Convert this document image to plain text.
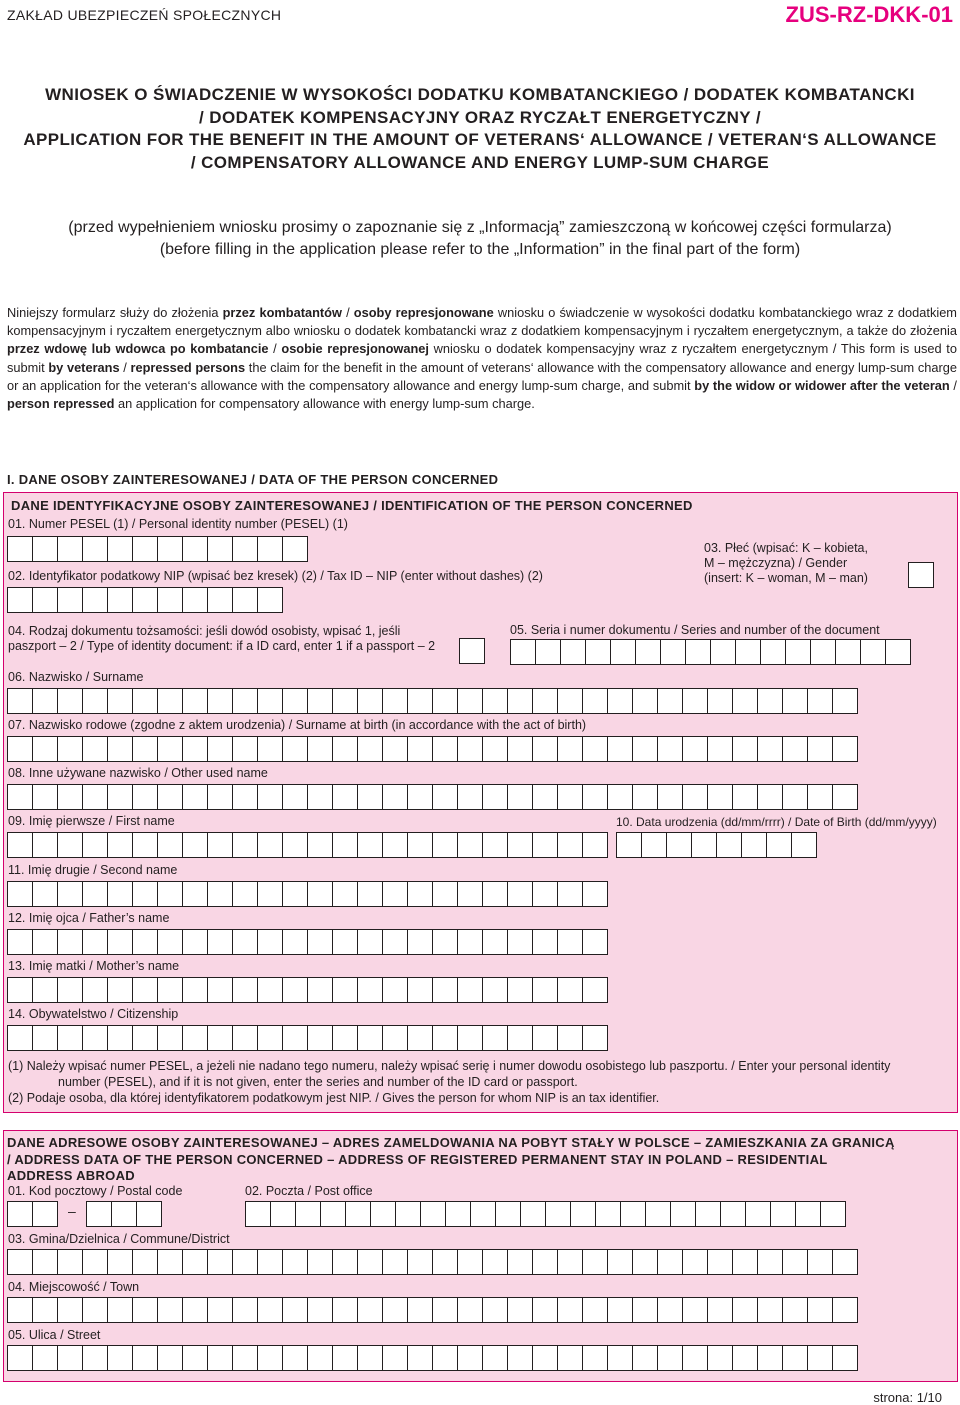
ZAKŁAD UBEZPIECZEŃ SPOŁECZNYCH	ZUS-RZ-DKK-01
WNIOSEK O ŚWIADCZENIE W WYSOKOŚCI DODATKU KOMBATANCKIEGO / DODATEK KOMBATANCKI
/ DODATEK KOMPENSACYJNY ORAZ RYCZAŁT ENERGETYCZNY /
APPLICATION FOR THE BENEFIT IN THE AMOUNT OF VETERANS‘ ALLOWANCE / VETERAN‘S ALLOWANCE
/ COMPENSATORY ALLOWANCE AND ENERGY LUMP-SUM CHARGE
(przed wypełnieniem wniosku prosimy o zapoznanie się z „Informacją” zamieszczoną w końcowej części formularza)
(before filling in the application please refer to the „Information” in the final part of the form)
Niniejszy formularz służy do złożenia przez kombatantów / osoby represjonowane wniosku o świadczenie w wysokości dodatku kombatanckiego wraz z dodatkiem kompensacyjnym i ryczałtem energetycznym albo wniosku o dodatek kombatancki wraz z dodatkiem kompensacyjnym i ryczałtem energetycznym, a także do złożenia przez wdowę lub wdowca po kombatancie / osobie represjonowanej wniosku o dodatek kompensacyjny wraz z ryczałtem energetycznym / This form is used to submit by veterans / repressed persons the claim for the benefit in the amount of veterans‘ allowance with the compensatory allowance and energy lump-sum charge or an application for the veteran‘s allowance with the compensatory allowance and energy lump-sum charge, and submit by the widow or widower after the veteran / person repressed an application for compensatory allowance with energy lump-sum charge.
I. DANE OSOBY ZAINTERESOWANEJ / DATA OF THE PERSON CONCERNED
DANE IDENTYFIKACYJNE OSOBY ZAINTERESOWANEJ / IDENTIFICATION OF THE PERSON CONCERNED
01. Numer PESEL (1) / Personal identity number (PESEL) (1)
02. Identyfikator podatkowy NIP (wpisać bez kresek) (2) / Tax ID – NIP (enter without dashes) (2)
03. Płeć (wpisać: K – kobieta,
M – mężczyzna) / Gender
(insert: K – woman, M – man)
04. Rodzaj dokumentu tożsamości: jeśli dowód osobisty, wpisać 1, jeśli
paszport – 2 / Type of identity document: if a ID card, enter 1 if a passport – 2
05. Seria i numer dokumentu / Series and number of the document
06. Nazwisko / Surname
07. Nazwisko rodowe (zgodne z aktem urodzenia) / Surname at birth (in accordance with the act of birth)
08. Inne używane nazwisko / Other used name
09. Imię pierwsze / First name	10. Data urodzenia (dd/mm/rrrr) / Date of Birth (dd/mm/yyyy)
11. Imię drugie / Second name
12. Imię ojca / Father’s name
13. Imię matki / Mother’s name
14. Obywatelstwo / Citizenship
(1) Należy wpisać numer PESEL, a jeżeli nie nadano tego numeru, należy wpisać serię i numer dowodu osobistego lub paszportu. / Enter your personal identity
number (PESEL), and if it is not given, enter the series and number of the ID card or passport.
(2) Podaje osoba, dla której identyfikatorem podatkowym jest NIP. / Gives the person for whom NIP is an tax identifier.
DANE ADRESOWE OSOBY ZAINTERESOWANEJ – ADRES ZAMELDOWANIA NA POBYT STAŁY W POLSCE – ZAMIESZKANIA ZA GRANICĄ
/ ADDRESS DATA OF THE PERSON CONCERNED – ADDRESS OF REGISTERED PERMANENT STAY IN POLAND – RESIDENTIAL
ADDRESS ABROAD
01. Kod pocztowy / Postal code	02. Poczta / Post office
–
03. Gmina/Dzielnica / Commune/District
04. Miejscowość / Town
05. Ulica / Street
strona: 1/10
